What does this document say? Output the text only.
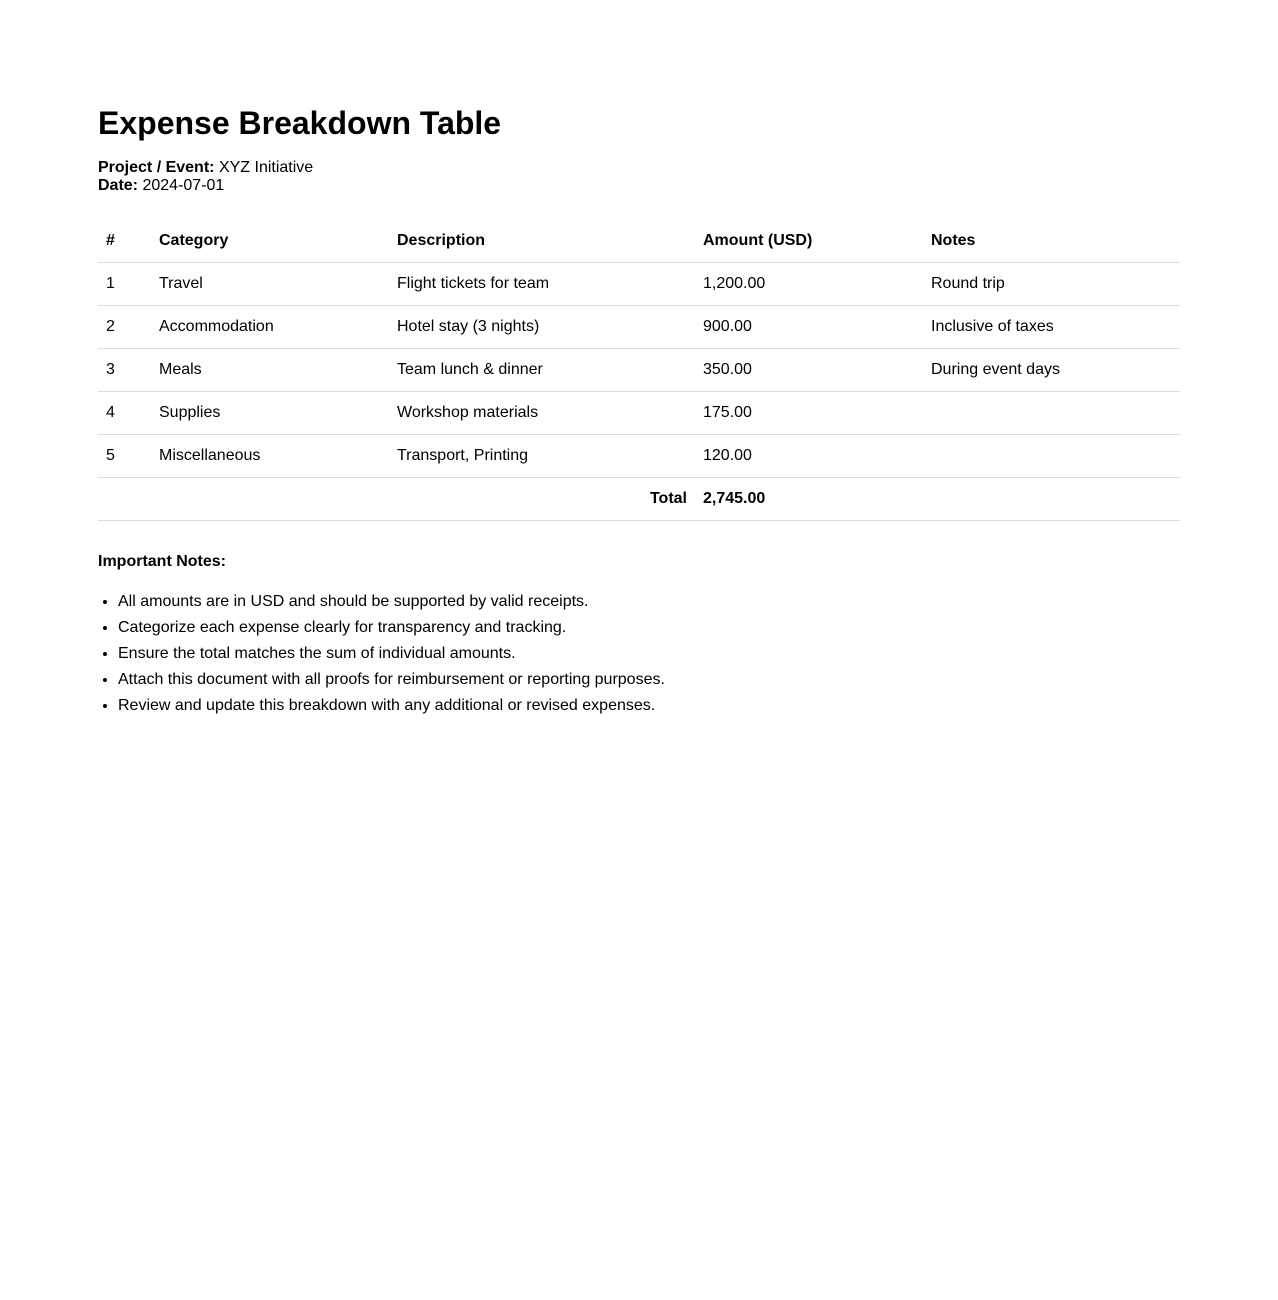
Expense Breakdown Table
Project / Event: XYZ Initiative
Date: 2024-07-01
#	Category	Description	Amount (USD)	Notes
1	Travel	Flight tickets for team	1,200.00	Round trip
2	Accommodation	Hotel stay (3 nights)	900.00	Inclusive of taxes
3	Meals	Team lunch & dinner	350.00	During event days
4	Supplies	Workshop materials	175.00	
5	Miscellaneous	Transport, Printing	120.00	
Total			2,745.00	
Important Notes:
• All amounts are in USD and should be supported by valid receipts.
• Categorize each expense clearly for transparency and tracking.
• Ensure the total matches the sum of individual amounts.
• Attach this document with all proofs for reimbursement or reporting purposes.
• Review and update this breakdown with any additional or revised expenses.
